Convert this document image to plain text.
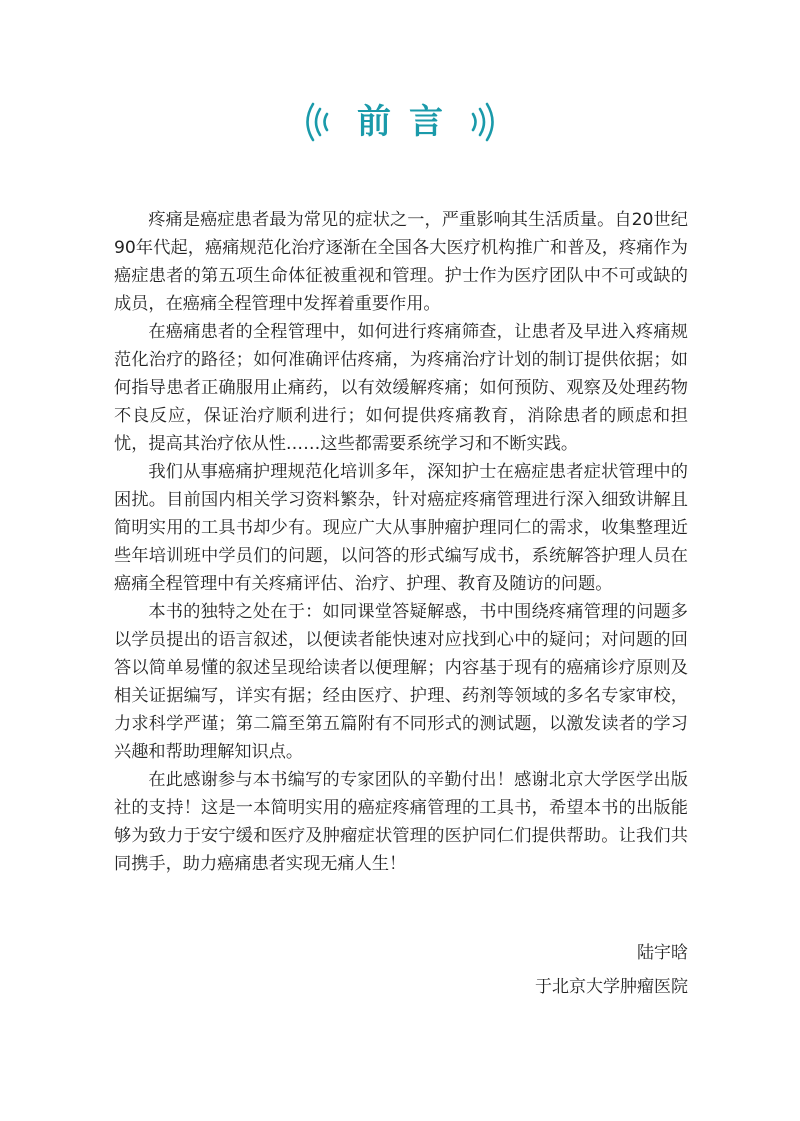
前言

疼痛是癌症患者最为常见的症状之一，严重影响其生活质量。自20世纪90年代起，癌痛规范化治疗逐渐在全国各大医疗机构推广和普及，疼痛作为癌症患者的第五项生命体征被重视和管理。护士作为医疗团队中不可或缺的成员，在癌痛全程管理中发挥着重要作用。

在癌痛患者的全程管理中，如何进行疼痛筛查，让患者及早进入疼痛规范化治疗的路径；如何准确评估疼痛，为疼痛治疗计划的制订提供依据；如何指导患者正确服用止痛药，以有效缓解疼痛；如何预防、观察及处理药物不良反应，保证治疗顺利进行；如何提供疼痛教育，消除患者的顾虑和担忧，提高其治疗依从性……这些都需要系统学习和不断实践。

我们从事癌痛护理规范化培训多年，深知护士在癌症患者症状管理中的困扰。目前国内相关学习资料繁杂，针对癌症疼痛管理进行深入细致讲解且简明实用的工具书却少有。现应广大从事肿瘤护理同仁的需求，收集整理近些年培训班中学员们的问题，以问答的形式编写成书，系统解答护理人员在癌痛全程管理中有关疼痛评估、治疗、护理、教育及随访的问题。

本书的独特之处在于：如同课堂答疑解惑，书中围绕疼痛管理的问题多以学员提出的语言叙述，以便读者能快速对应找到心中的疑问；对问题的回答以简单易懂的叙述呈现给读者以便理解；内容基于现有的癌痛诊疗原则及相关证据编写，详实有据；经由医疗、护理、药剂等领域的多名专家审校，力求科学严谨；第二篇至第五篇附有不同形式的测试题，以激发读者的学习兴趣和帮助理解知识点。

在此感谢参与本书编写的专家团队的辛勤付出！感谢北京大学医学出版社的支持！这是一本简明实用的癌症疼痛管理的工具书，希望本书的出版能够为致力于安宁缓和医疗及肿瘤症状管理的医护同仁们提供帮助。让我们共同携手，助力癌痛患者实现无痛人生！

陆宇晗
于北京大学肿瘤医院
